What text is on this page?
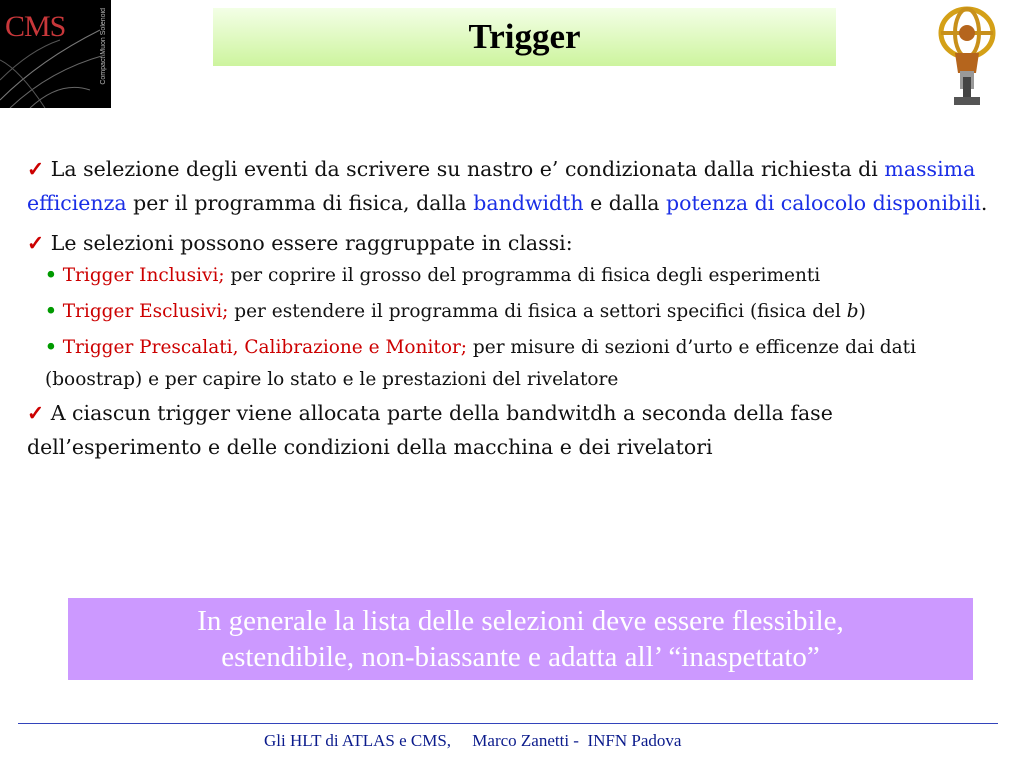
CMS	Compact Muon Solenoid	Trigger

✓ La selezione degli eventi da scrivere su nastro e’ condizionata dalla richiesta di massima efficienza per il programma di fisica, dalla bandwidth e dalla potenza di calocolo disponibili.

✓ Le selezioni possono essere raggruppate in classi:

• Trigger Inclusivi; per coprire il grosso del programma di fisica degli esperimenti

• Trigger Esclusivi; per estendere il programma di fisica a settori specifici (fisica del b)

• Trigger Prescalati, Calibrazione e Monitor; per misure di sezioni d’urto e efficenze dai dati (boostrap) e per capire lo stato e le prestazioni del rivelatore

✓ A ciascun trigger viene allocata parte della bandwitdh a seconda della fase dell’esperimento e delle condizioni della macchina e dei rivelatori

In generale la lista delle selezioni deve essere flessibile,
estendibile, non-biassante e adatta all’ “inaspettato”
Gli HLT di ATLAS e CMS, Marco Zanetti -  INFN Padova
